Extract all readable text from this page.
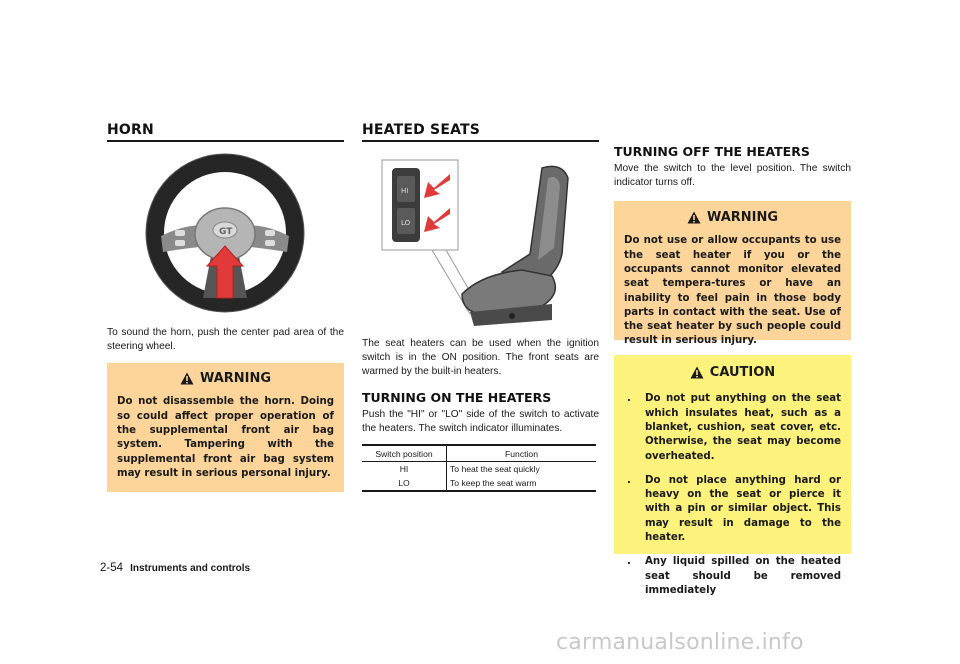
HORN
GT

To sound the horn, push the center pad area of the steering wheel.

WARNING

Do not disassemble the horn. Doing so could affect proper operation of the supplemental front air bag system. Tampering with the supplemental front air bag system may result in serious personal injury.

HEATED SEATS
HI
LO

The seat heaters can be used when the ignition switch is in the ON position. The front seats are warmed by the built-in heaters.

TURNING ON THE HEATERS

Push the "HI" or "LO" side of the switch to activate the heaters. The switch indicator illuminates.

Switch position	Function
HI	To heat the seat quickly
LO	To keep the seat warm
TURNING OFF THE HEATERS

Move the switch to the level position. The switch indicator turns off.

WARNING

Do not use or allow occupants to use the seat heater if you or the occupants cannot monitor elevated seat tempera-tures or have an inability to feel pain in those body parts in contact with the seat. Use of the seat heater by such people could result in serious injury.

CAUTION
. Do not put anything on the seat which insulates heat, such as a blanket, cushion, seat cover, etc. Otherwise, the seat may become overheated.
. Do not place anything hard or heavy on the seat or pierce it with a pin or similar object. This may result in damage to the heater.
. Any liquid spilled on the heated seat should be removed immediately
2-54 Instruments and controls
carmanualsonline.info
